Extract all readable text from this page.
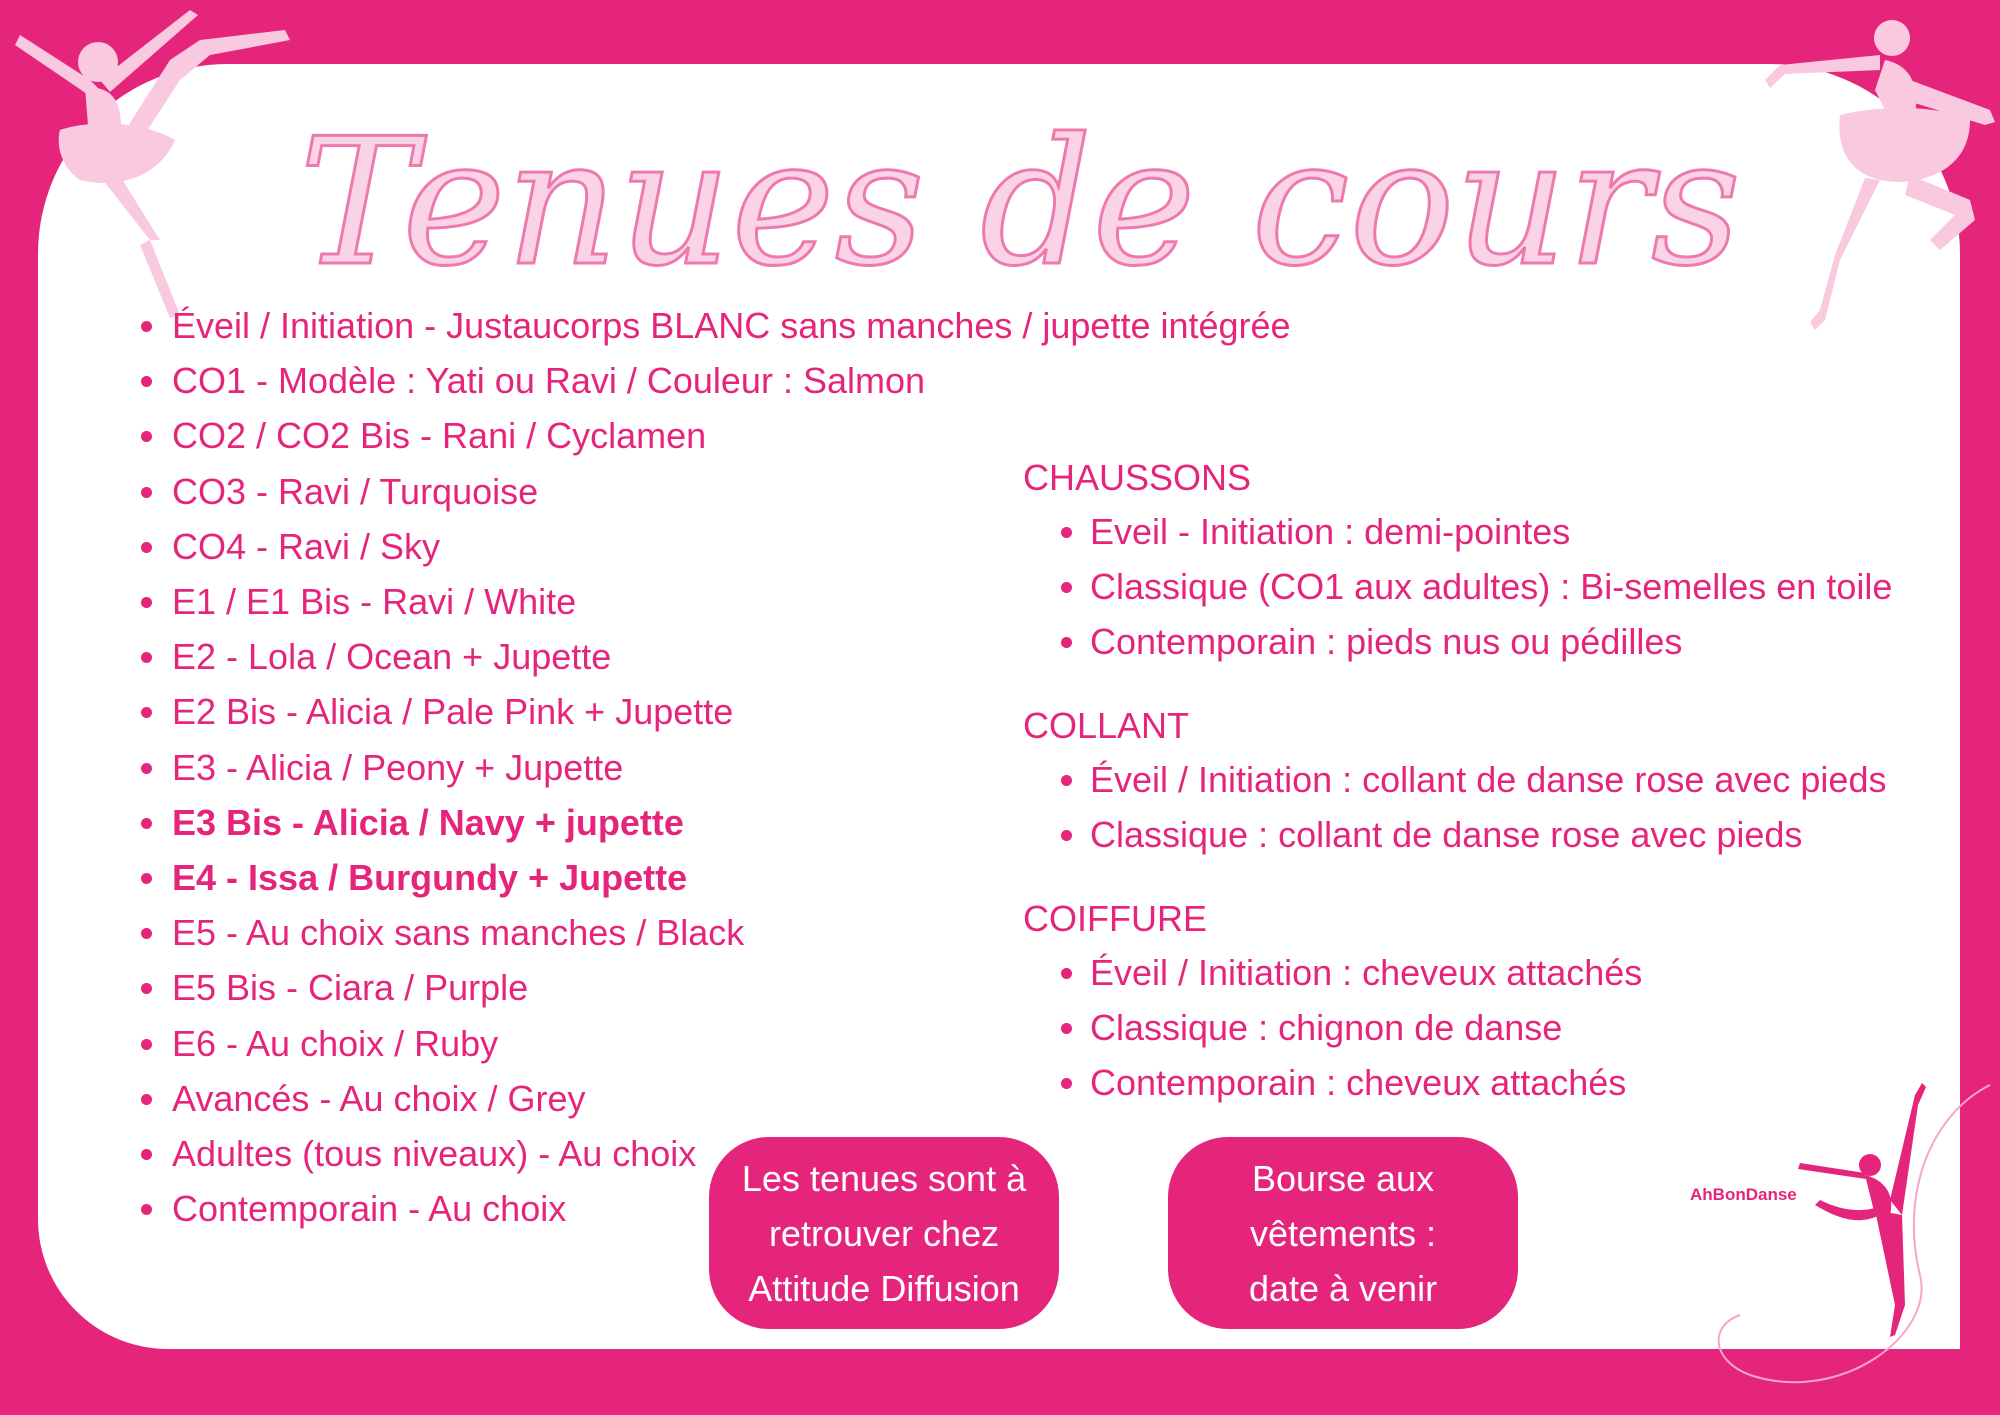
Tenues de cours
• Éveil / Initiation - Justaucorps BLANC sans manches / jupette intégrée
• CO1 - Modèle : Yati ou Ravi / Couleur : Salmon
• CO2 / CO2 Bis - Rani / Cyclamen
• CO3 - Ravi / Turquoise
• CO4 - Ravi / Sky
• E1 / E1 Bis - Ravi / White
• E2 - Lola / Ocean + Jupette
• E2 Bis - Alicia / Pale Pink + Jupette
• E3 - Alicia / Peony + Jupette
• E3 Bis - Alicia / Navy + jupette
• E4 - Issa / Burgundy + Jupette
• E5 - Au choix sans manches / Black
• E5 Bis - Ciara / Purple
• E6 - Au choix / Ruby
• Avancés - Au choix / Grey
• Adultes (tous niveaux) - Au choix
• Contemporain - Au choix
CHAUSSONS
• Eveil - Initiation : demi-pointes
• Classique (CO1 aux adultes) : Bi-semelles en toile
• Contemporain : pieds nus ou pédilles
COLLANT
• Éveil / Initiation : collant de danse rose avec pieds
• Classique : collant de danse rose avec pieds
COIFFURE
• Éveil / Initiation : cheveux attachés
• Classique : chignon de danse
• Contemporain : cheveux attachés
Les tenues sont à
retrouver chez
Attitude Diffusion
Bourse aux
vêtements :
date à venir
AhBonDanse
